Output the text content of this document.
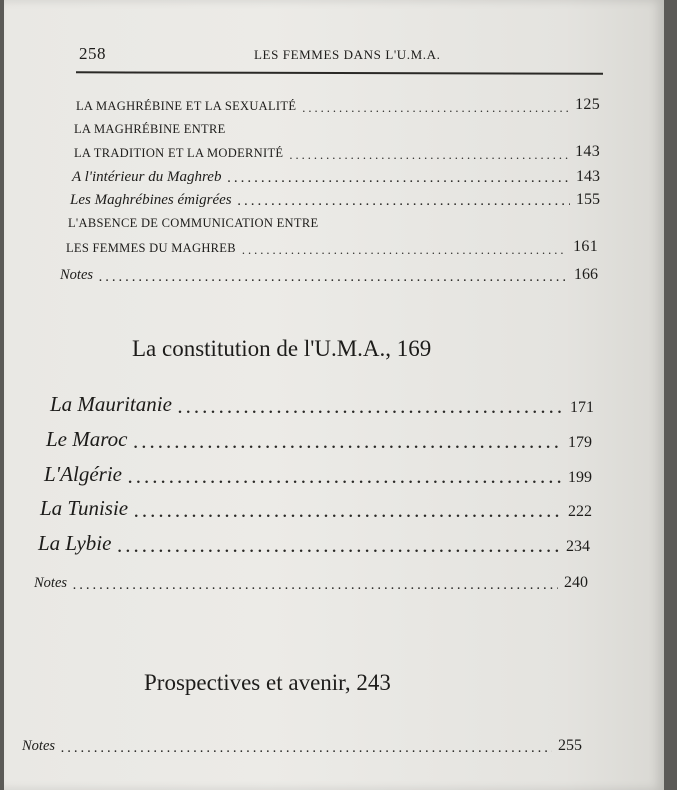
258	LES FEMMES DANS L'U.M.A.
LA MAGHRÉBINE ET LA SEXUALITÉ .....	125
LA MAGHRÉBINE ENTRE
LA TRADITION ET LA MODERNITÉ .....	143
A l'intérieur du Maghreb .....	143
Les Maghrébines émigrées .....	155
L'ABSENCE DE COMMUNICATION ENTRE
LES FEMMES DU MAGHREB .....	161
Notes .....	166
La constitution de l'U.M.A., 169
La Mauritanie .....	171
Le Maroc .....	179
L'Algérie .....	199
La Tunisie .....	222
La Lybie .....	234
Notes .....	240
Prospectives et avenir, 243
Notes .....	255
